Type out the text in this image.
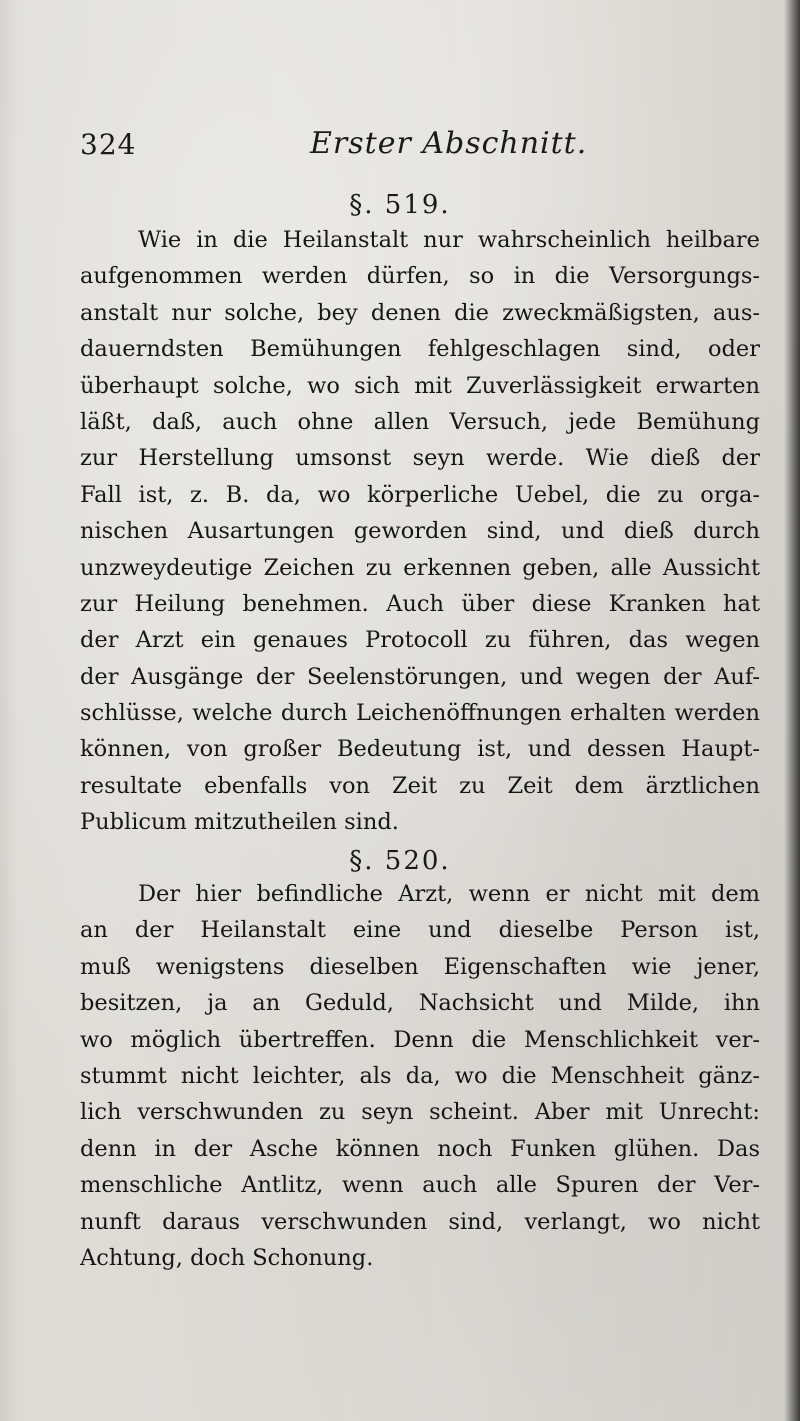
324	Erster Abschnitt.
§. 519.
Wie in die Heilanstalt nur wahrscheinlich heilbare
aufgenommen werden dürfen, so in die Versorgungs-
anstalt nur solche, bey denen die zweckmäßigsten, aus-
dauerndsten Bemühungen fehlgeschlagen sind, oder
überhaupt solche, wo sich mit Zuverlässigkeit erwarten
läßt, daß, auch ohne allen Versuch, jede Bemühung
zur Herstellung umsonst seyn werde. Wie dieß der
Fall ist, z. B. da, wo körperliche Uebel, die zu orga-
nischen Ausartungen geworden sind, und dieß durch
unzweydeutige Zeichen zu erkennen geben, alle Aussicht
zur Heilung benehmen. Auch über diese Kranken hat
der Arzt ein genaues Protocoll zu führen, das wegen
der Ausgänge der Seelenstörungen, und wegen der Auf-
schlüsse, welche durch Leichenöffnungen erhalten werden
können, von großer Bedeutung ist, und dessen Haupt-
resultate ebenfalls von Zeit zu Zeit dem ärztlichen
Publicum mitzutheilen sind.
§. 520.
Der hier befindliche Arzt, wenn er nicht mit dem
an der Heilanstalt eine und dieselbe Person ist,
muß wenigstens dieselben Eigenschaften wie jener,
besitzen, ja an Geduld, Nachsicht und Milde, ihn
wo möglich übertreffen. Denn die Menschlichkeit ver-
stummt nicht leichter, als da, wo die Menschheit gänz-
lich verschwunden zu seyn scheint. Aber mit Unrecht:
denn in der Asche können noch Funken glühen. Das
menschliche Antlitz, wenn auch alle Spuren der Ver-
nunft daraus verschwunden sind, verlangt, wo nicht
Achtung, doch Schonung.
